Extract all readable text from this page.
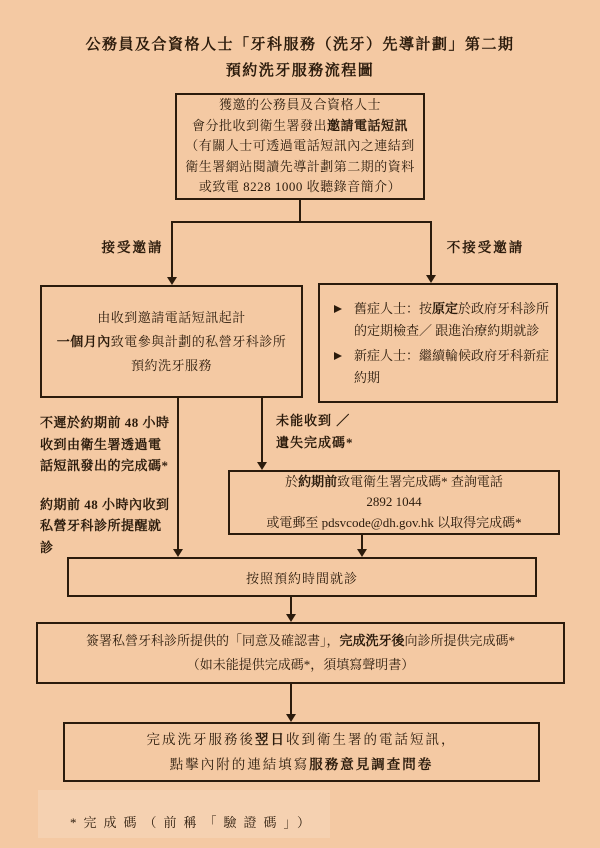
公務員及合資格人士「牙科服務（洗牙）先導計劃」第二期
預約洗牙服務流程圖
獲邀的公務員及合資格人士
會分批收到衛生署發出邀請電話短訊
（有關人士可透過電話短訊內之連結到
衛生署網站閱讀先導計劃第二期的資料
或致電 8228 1000 收聽錄音簡介）
接受邀請	不接受邀請
由收到邀請電話短訊起計
一個月內致電參與計劃的私營牙科診所
預約洗牙服務
舊症人士：按原定於政府牙科診所的定期檢查／ 跟進治療約期就診
新症人士：繼續輪候政府牙科新症約期
不遲於約期前 48 小時
收到由衛生署透過電
話短訊發出的完成碼*
約期前 48 小時內收到
私營牙科診所提醒就
診
未能收到 ／
遺失完成碼*
於約期前致電衛生署完成碼* 查詢電話
2892 1044
或電郵至 pdsvcode@dh.gov.hk 以取得完成碼*
按照預約時間就診
簽署私營牙科診所提供的「同意及確認書」，完成洗牙後向診所提供完成碼*
（如未能提供完成碼*，須填寫聲明書）
完成洗牙服務後翌日收到衛生署的電話短訊，
點擊內附的連結填寫服務意見調查問卷
*完成碼（前稱「驗證碼」）
